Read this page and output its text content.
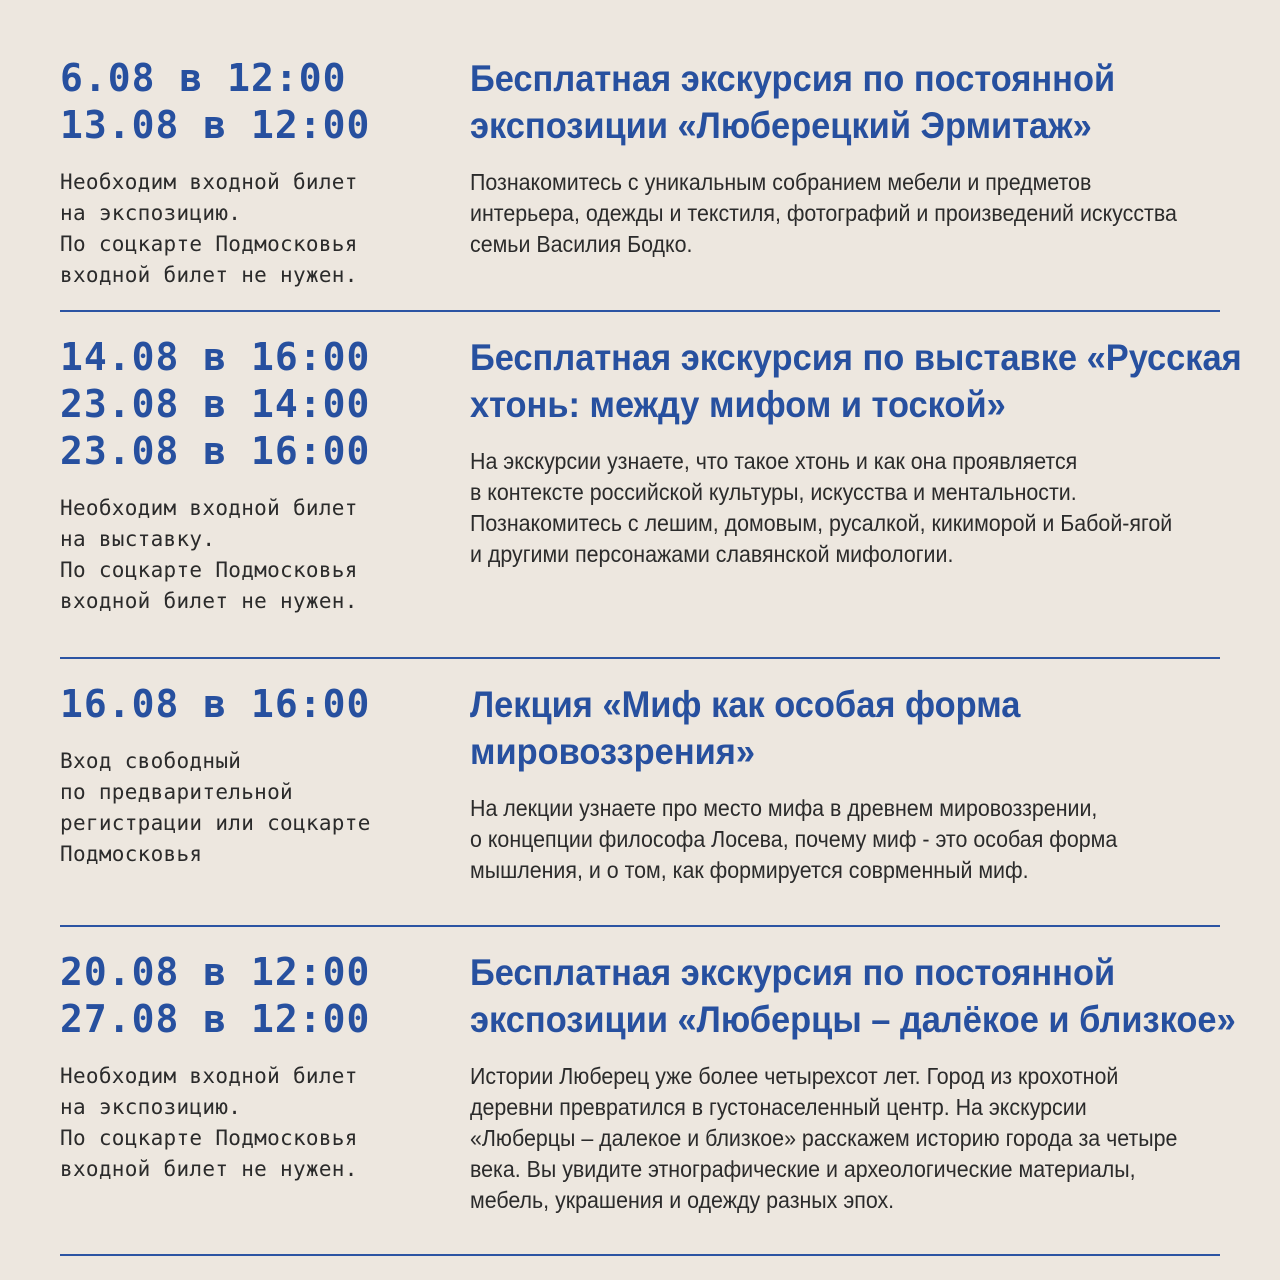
6.08 в 12:00
13.08 в 12:00
Необходим входной билет
на экспозицию.
По соцкарте Подмосковья
входной билет не нужен.
Бесплатная экскурсия по постоянной
экспозиции «Люберецкий Эрмитаж»
Познакомитесь с уникальным собранием мебели и предметов
интерьера, одежды и текстиля, фотографий и произведений искусства
семьи Василия Бодко.
14.08 в 16:00
23.08 в 14:00
23.08 в 16:00
Необходим входной билет
на выставку.
По соцкарте Подмосковья
входной билет не нужен.
Бесплатная экскурсия по выставке «Русская
хтонь: между мифом и тоской»
На экскурсии узнаете, что такое хтонь и как она проявляется
в контексте российской культуры, искусства и ментальности.
Познакомитесь с лешим, домовым, русалкой, кикиморой и Бабой-ягой
и другими персонажами славянской мифологии.
16.08 в 16:00
Вход свободный
по предварительной
регистрации или соцкарте
Подмосковья
Лекция «Миф как особая форма
мировоззрения»
На лекции узнаете про место мифа в древнем мировоззрении,
о концепции философа Лосева, почему миф - это особая форма
мышления, и о том, как формируется соврменный миф.
20.08 в 12:00
27.08 в 12:00
Необходим входной билет
на экспозицию.
По соцкарте Подмосковья
входной билет не нужен.
Бесплатная экскурсия по постоянной
экспозиции «Люберцы – далёкое и близкое»
Истории Люберец уже более четырехсот лет. Город из крохотной
деревни превратился в густонаселенный центр. На экскурсии
«Люберцы – далекое и близкое» расскажем историю города за четыре
века. Вы увидите этнографические и археологические материалы,
мебель, украшения и одежду разных эпох.
